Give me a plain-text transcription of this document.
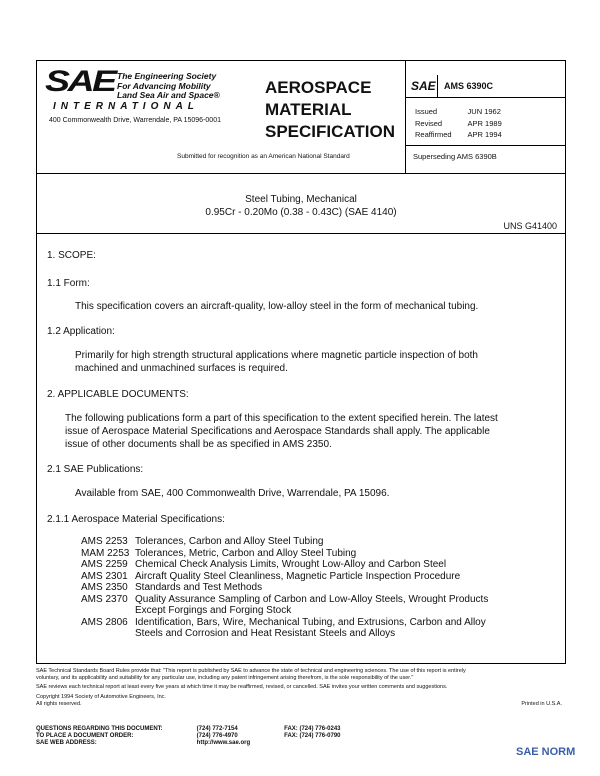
SAE The Engineering Society
For Advancing Mobility
Land Sea Air and Space®
INTERNATIONAL
400 Commonwealth Drive, Warrendale, PA 15096-0001
AEROSPACE
MATERIAL
SPECIFICATION
Submitted for recognition as an American National Standard
SAE AMS 6390C
Issued	JUN 1962
Revised	APR 1989
Reaffirmed	APR 1994
Superseding AMS 6390B
Steel Tubing, Mechanical
0.95Cr - 0.20Mo (0.38 - 0.43C) (SAE 4140)
UNS G41400
1. SCOPE:
1.1 Form:
This specification covers an aircraft-quality, low-alloy steel in the form of mechanical tubing.
1.2 Application:
Primarily for high strength structural applications where magnetic particle inspection of both
machined and unmachined surfaces is required.
2. APPLICABLE DOCUMENTS:
The following publications form a part of this specification to the extent specified herein. The latest
issue of Aerospace Material Specifications and Aerospace Standards shall apply. The applicable
issue of other documents shall be as specified in AMS 2350.
2.1 SAE Publications:
Available from SAE, 400 Commonwealth Drive, Warrendale, PA 15096.
2.1.1 Aerospace Material Specifications:
AMS 2253	Tolerances, Carbon and Alloy Steel Tubing
MAM 2253	Tolerances, Metric, Carbon and Alloy Steel Tubing
AMS 2259	Chemical Check Analysis Limits, Wrought Low-Alloy and Carbon Steel
AMS 2301	Aircraft Quality Steel Cleanliness, Magnetic Particle Inspection Procedure
AMS 2350	Standards and Test Methods
AMS 2370	Quality Assurance Sampling of Carbon and Low-Alloy Steels, Wrought Products
Except Forgings and Forging Stock

AMS 2806	Identification, Bars, Wire, Mechanical Tubing, and Extrusions, Carbon and Alloy
Steels and Corrosion and Heat Resistant Steels and Alloys
SAE Technical Standards Board Rules provide that: "This report is published by SAE to advance the state of technical and engineering sciences. The use of this report is entirely
voluntary, and its applicability and suitability for any particular use, including any patent infringement arising therefrom, is the sole responsibility of the user."
SAE reviews each technical report at least every five years at which time it may be reaffirmed, revised, or cancelled. SAE invites your written comments and suggestions.
Copyright 1994 Society of Automotive Engineers, Inc.
All rights reserved.	Printed in U.S.A.
QUESTIONS REGARDING THIS DOCUMENT:	(724) 772-7154	FAX: (724) 776-0243
TO PLACE A DOCUMENT ORDER:	(724) 776-4970	FAX: (724) 776-0790
SAE WEB ADDRESS:	http://www.sae.org	
SAE NORM
